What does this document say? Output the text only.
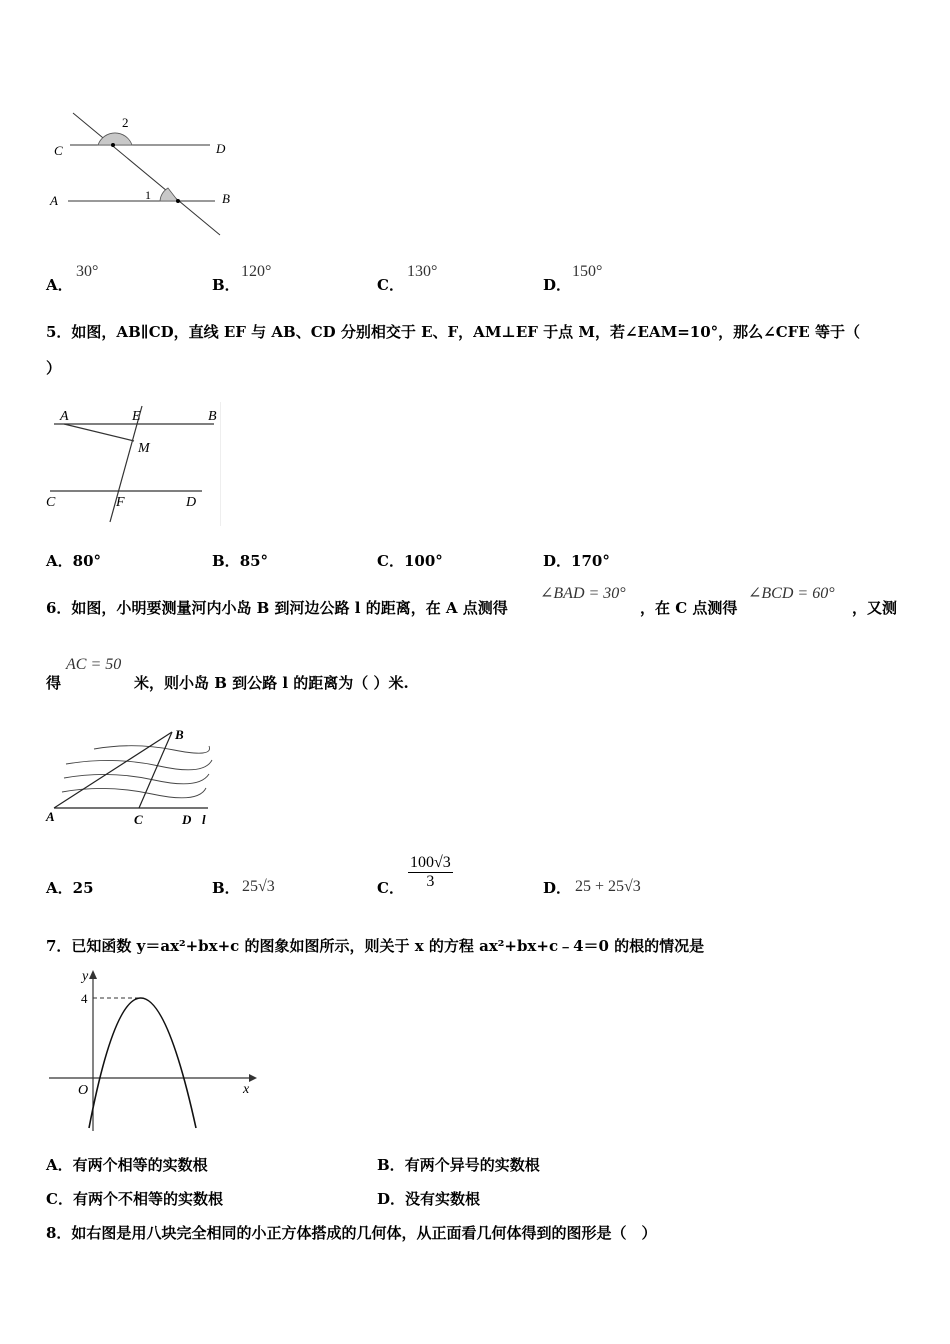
C	D
A	B
2
1
A．
30°
B．
120°
C．
130°
D．
150°
5．如图，AB∥CD，直线 EF 与 AB、CD 分别相交于 E、F，AM⊥EF 于点 M，若∠EAM=10°，那么∠CFE 等于（
）
A	E	B
M
C	F	D
A．80°	B．85°	C．100°	D．170°
6．如图，小明要测量河内小岛 B 到河边公路 l 的距离，在 A 点测得
∠BAD = 30°
，在 C 点测得
∠BCD = 60°
，又测
得
AC = 50
米，则小岛 B 到公路 l 的距离为（ ）米.
A
B
C	D l
A．25	B． 25√3	C． $\frac{100√3}{3}$	D． 25 + 25√3
7．已知函数 y＝ax²+bx+c 的图象如图所示，则关于 x 的方程 ax²+bx+c﹣4＝0 的根的情况是
y
x
O
4
A．有两个相等的实数根	B．有两个异号的实数根
C．有两个不相等的实数根	D．没有实数根
8．如右图是用八块完全相同的小正方体搭成的几何体，从正面看几何体得到的图形是（　）
